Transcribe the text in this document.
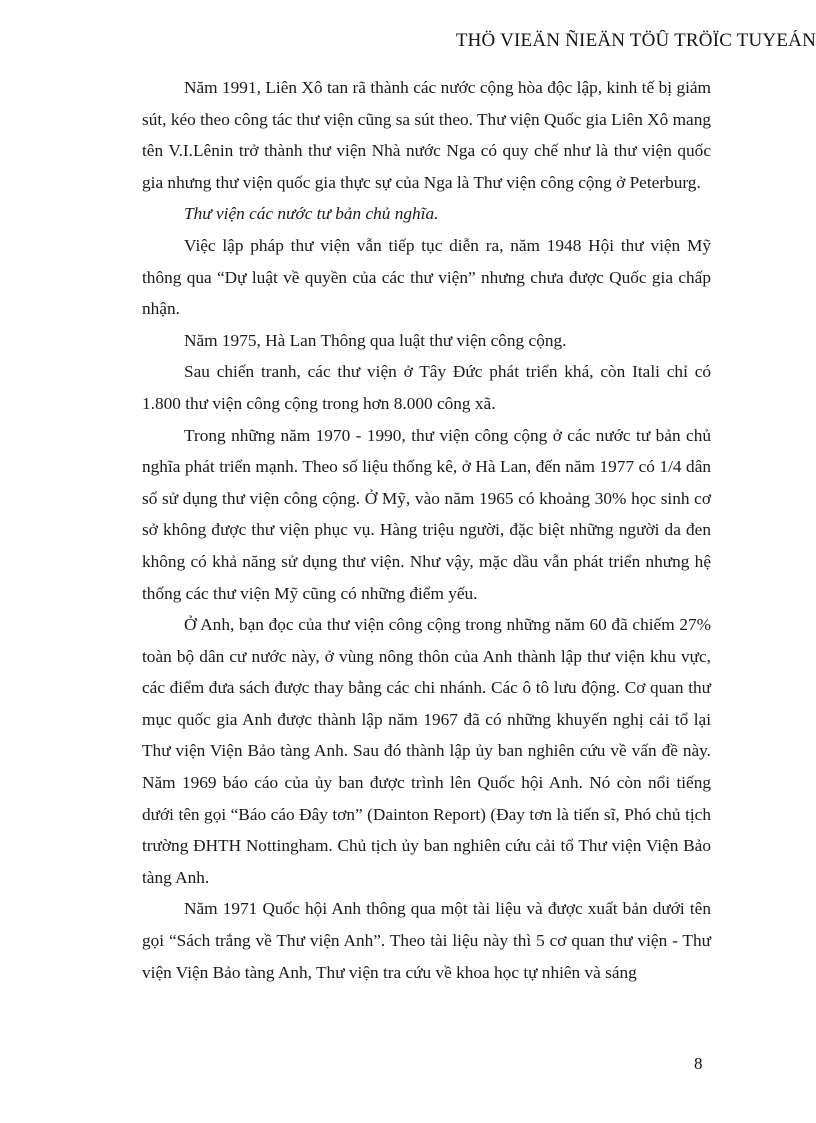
THÖ VIEÄN ÑIEÄN TÖÛ TRÖÏC TUYEÁN

Năm 1991, Liên Xô tan rã thành các nước cộng hòa độc lập, kinh tế bị giảm sút, kéo theo công tác thư viện cũng sa sút theo. Thư viện Quốc gia Liên Xô mang tên V.I.Lênin trở thành thư viện Nhà nước Nga có quy chế như là thư viện quốc gia nhưng thư viện quốc gia thực sự của Nga là Thư viện công cộng ở Peterburg.

Thư viện các nước tư bản chủ nghĩa.

Việc lập pháp thư viện vẫn tiếp tục diễn ra, năm 1948 Hội thư viện Mỹ thông qua “Dự luật về quyền của các thư viện” nhưng chưa được Quốc gia chấp nhận.

Năm 1975, Hà Lan Thông qua luật thư viện công cộng.

Sau chiến tranh, các thư viện ở Tây Đức phát triển khá, còn Itali chỉ có 1.800 thư viện công cộng trong hơn 8.000 công xã.

Trong những năm 1970 - 1990, thư viện công cộng ở các nước tư bản chủ nghĩa phát triển mạnh. Theo số liệu thống kê, ở Hà Lan, đến năm 1977 có 1/4 dân số sử dụng thư viện công cộng. Ở Mỹ, vào năm 1965 có khoảng 30% học sinh cơ sở không được thư viện phục vụ. Hàng triệu người, đặc biệt những người da đen không có khả năng sử dụng thư viện. Như vậy, mặc dầu vẫn phát triển nhưng hệ thống các thư viện Mỹ cũng có những điểm yếu.

Ở Anh, bạn đọc của thư viện công cộng trong những năm 60 đã chiếm 27% toàn bộ dân cư nước này, ở vùng nông thôn của Anh thành lập thư viện khu vực, các điểm đưa sách được thay bằng các chi nhánh. Các ô tô lưu động. Cơ quan thư mục quốc gia Anh được thành lập năm 1967 đã có những khuyến nghị cải tổ lại Thư viện Viện Bảo tàng Anh. Sau đó thành lập ủy ban nghiên cứu về vấn đề này. Năm 1969 báo cáo của ủy ban được trình lên Quốc hội Anh. Nó còn nổi tiếng dưới tên gọi “Báo cáo Đây tơn” (Dainton Report) (Đay tơn là tiến sĩ, Phó chủ tịch trường ĐHTH Nottingham. Chủ tịch ủy ban nghiên cứu cải tổ Thư viện Viện Bảo tàng Anh.

Năm 1971 Quốc hội Anh thông qua một tài liệu và được xuất bản dưới tên gọi “Sách trắng về Thư viện Anh”. Theo tài liệu này thì 5 cơ quan thư viện - Thư viện Viện Bảo tàng Anh, Thư viện tra cứu về khoa học tự nhiên và sáng

8
